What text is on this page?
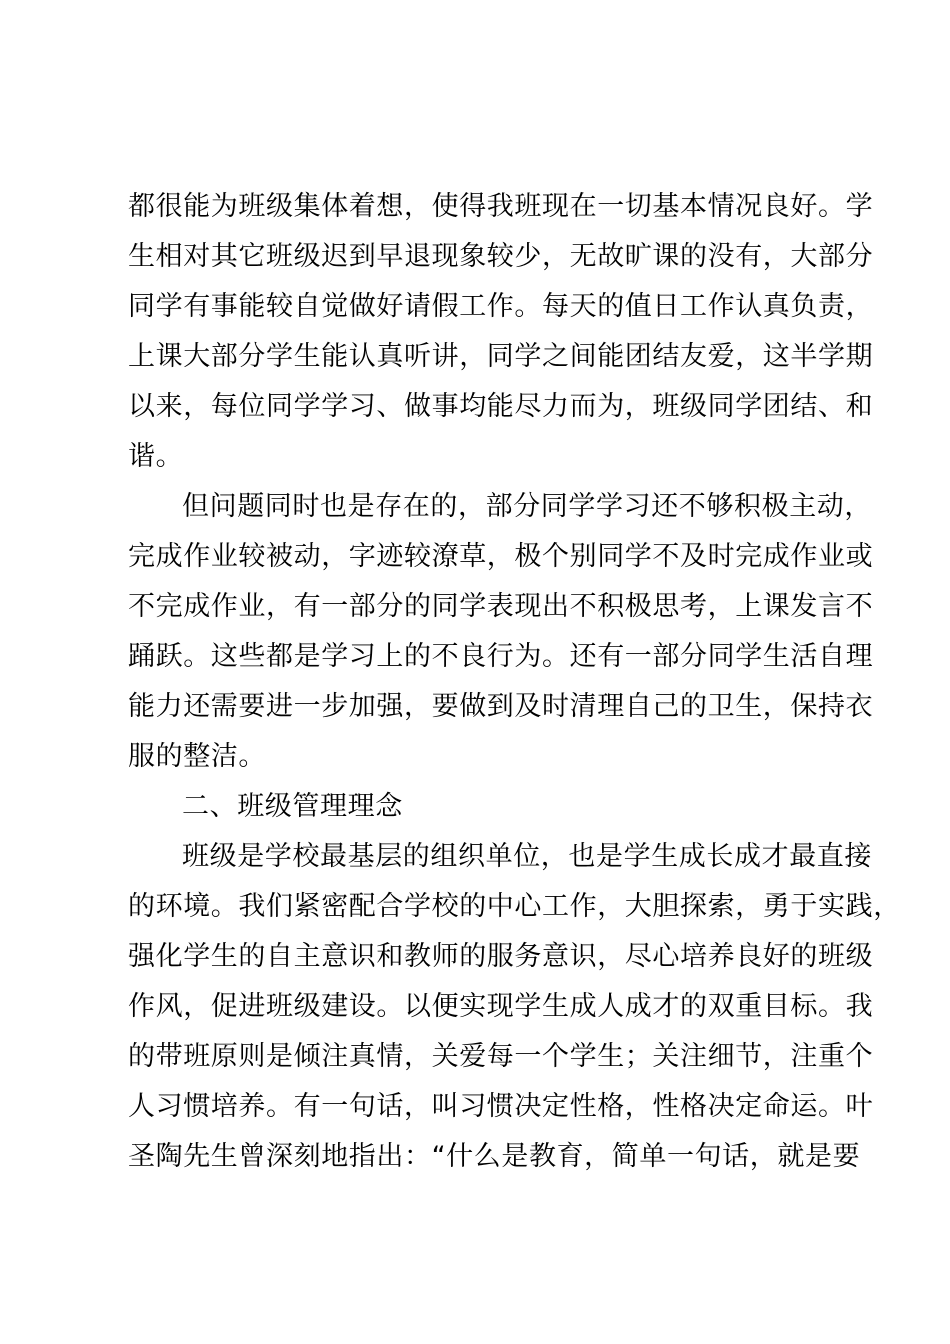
都很能为班级集体着想，使得我班现在一切基本情况良好。学
生相对其它班级迟到早退现象较少，无故旷课的没有，大部分
同学有事能较自觉做好请假工作。每天的值日工作认真负责，
上课大部分学生能认真听讲，同学之间能团结友爱，这半学期
以来，每位同学学习、做事均能尽力而为，班级同学团结、和
谐。
但问题同时也是存在的，部分同学学习还不够积极主动，
完成作业较被动，字迹较潦草，极个别同学不及时完成作业或
不完成作业，有一部分的同学表现出不积极思考，上课发言不
踊跃。这些都是学习上的不良行为。还有一部分同学生活自理
能力还需要进一步加强，要做到及时清理自己的卫生，保持衣
服的整洁。
二、班级管理理念
班级是学校最基层的组织单位，也是学生成长成才最直接
的环境。我们紧密配合学校的中心工作，大胆探索，勇于实践，
强化学生的自主意识和教师的服务意识，尽心培养良好的班级
作风，促进班级建设。以便实现学生成人成才的双重目标。我
的带班原则是倾注真情，关爱每一个学生；关注细节，注重个
人习惯培养。有一句话，叫习惯决定性格，性格决定命运。叶
圣陶先生曾深刻地指出：“什么是教育，简单一句话，就是要
